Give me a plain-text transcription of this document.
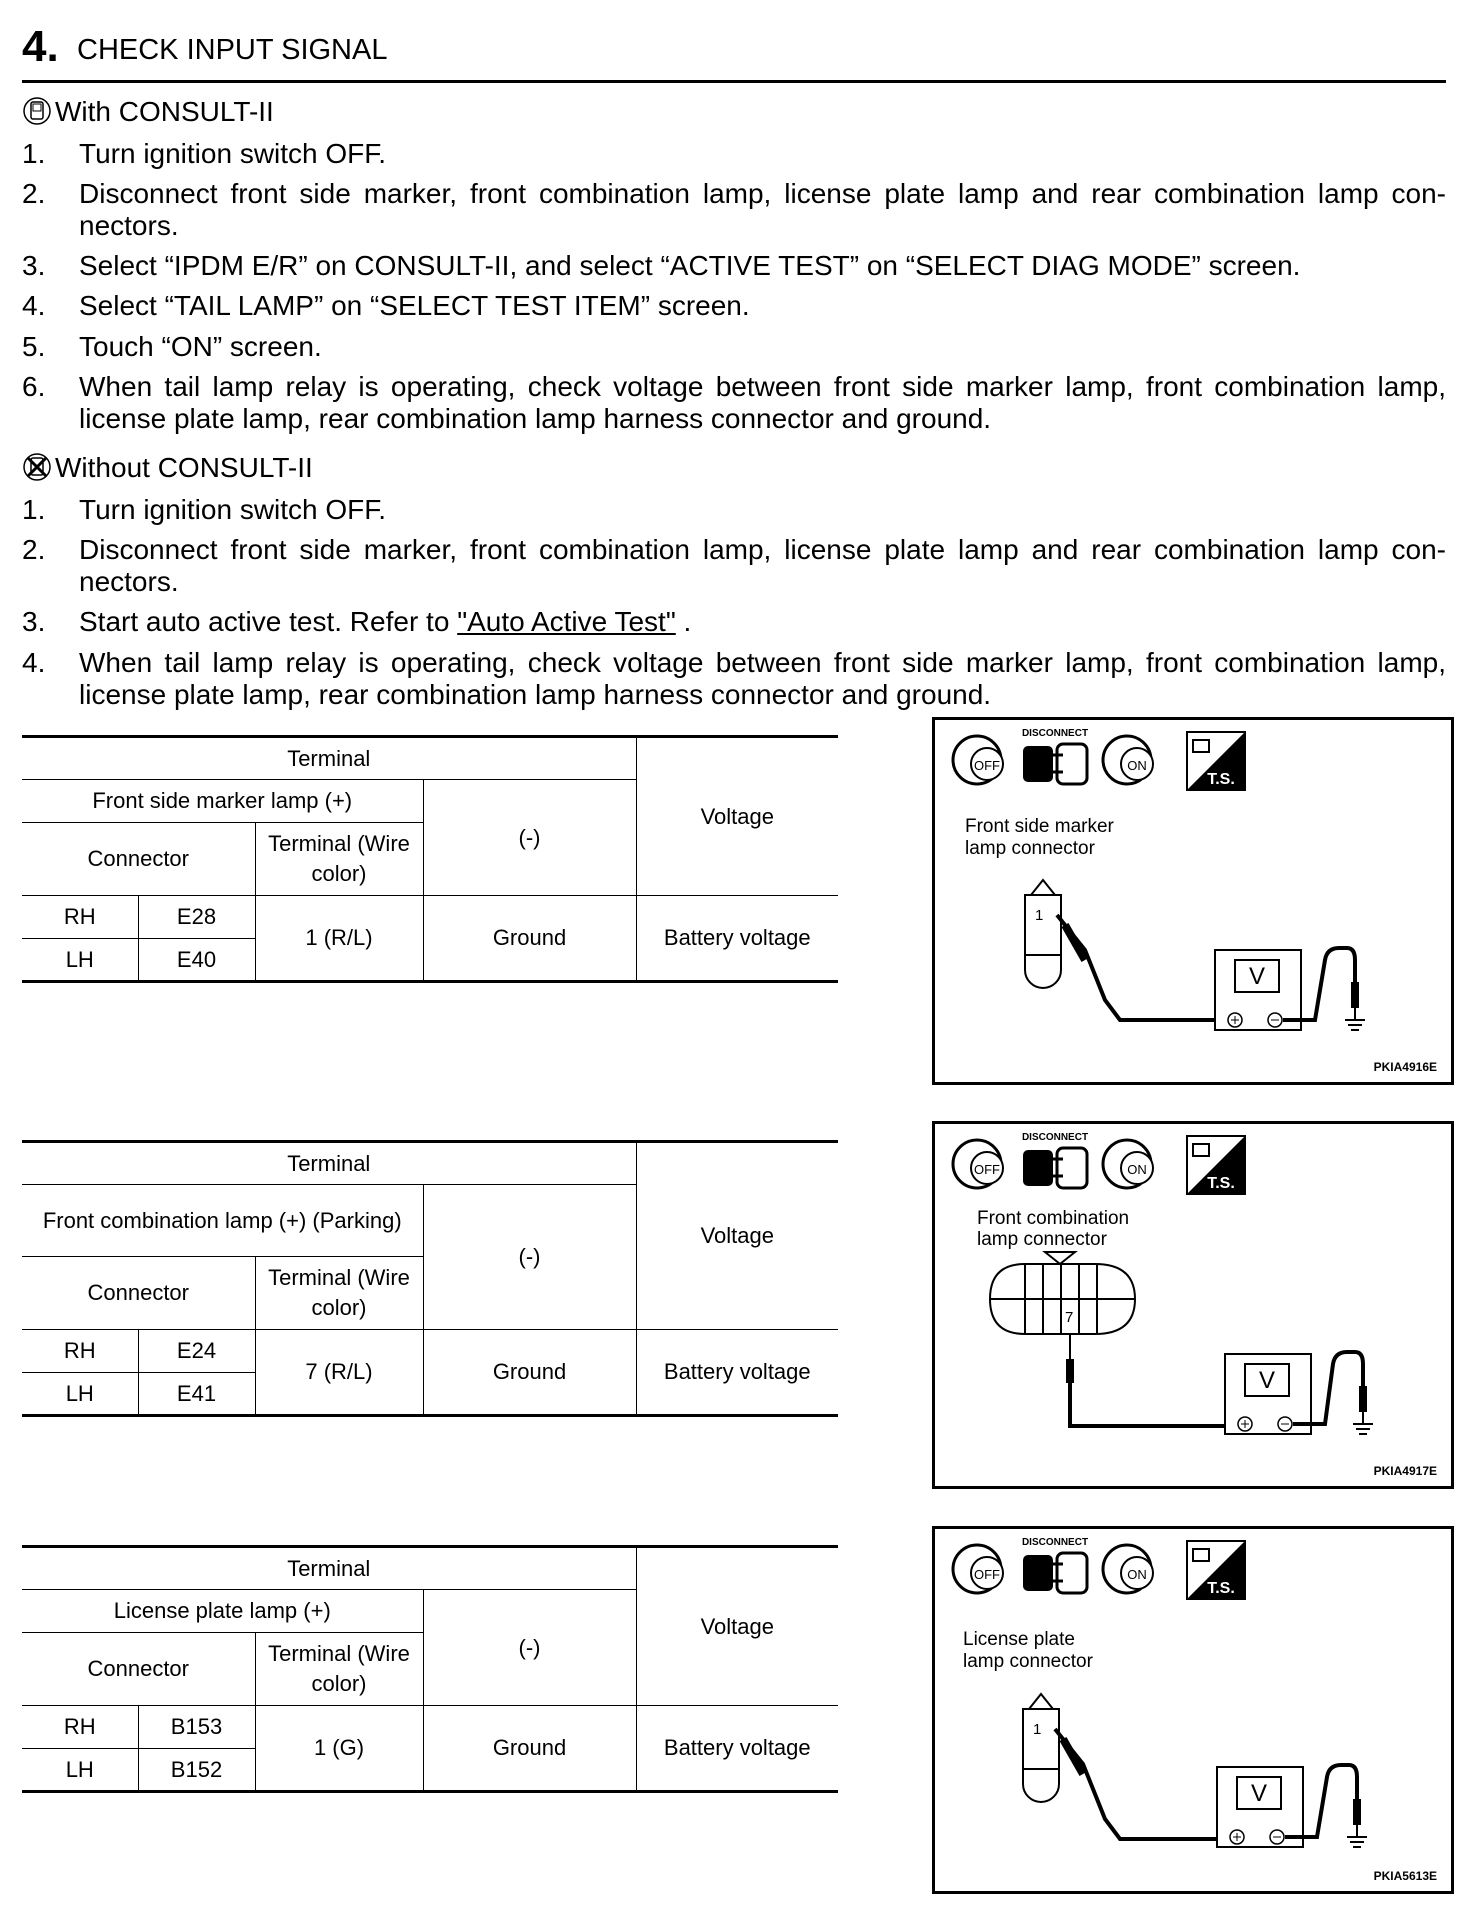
4. CHECK INPUT SIGNAL
With CONSULT-II
1. Turn ignition switch OFF.
2. Disconnect front side marker, front combination lamp, license plate lamp and rear combination lamp con-nectors.
3. Select “IPDM E/R” on CONSULT-II, and select “ACTIVE TEST” on “SELECT DIAG MODE” screen.
4. Select “TAIL LAMP” on “SELECT TEST ITEM” screen.
5. Touch “ON” screen.
6. When tail lamp relay is operating, check voltage between front side marker lamp, front combination lamp, license plate lamp, rear combination lamp harness connector and ground.
Without CONSULT-II
1. Turn ignition switch OFF.
2. Disconnect front side marker, front combination lamp, license plate lamp and rear combination lamp con-nectors.
3. Start auto active test. Refer to "Auto Active Test" .
4. When tail lamp relay is operating, check voltage between front side marker lamp, front combination lamp, license plate lamp, rear combination lamp harness connector and ground.
Terminal				Voltage
Front side marker lamp (+)			(-)	
Connector		Terminal (Wire color)		
RH	E28	1 (R/L)	Ground	Battery voltage
LH	E40			
Terminal				Voltage
Front combination lamp (+) (Parking)			(-)	
Connector		Terminal (Wire color)		
RH	E24	7 (R/L)	Ground	Battery voltage
LH	E41			
Terminal				Voltage
License plate lamp (+)			(-)	
Connector		Terminal (Wire color)		
RH	B153	1 (G)	Ground	Battery voltage
LH	B152			
OFF
DISCONNECT
ON
T.S.
Front side marker
lamp connector
1
V
PKIA4916E
OFF
DISCONNECT
ON
T.S.
Front combination
lamp connector
7
V
PKIA4917E
OFF
DISCONNECT
ON
T.S.
License plate
lamp connector
1
V
PKIA5613E
